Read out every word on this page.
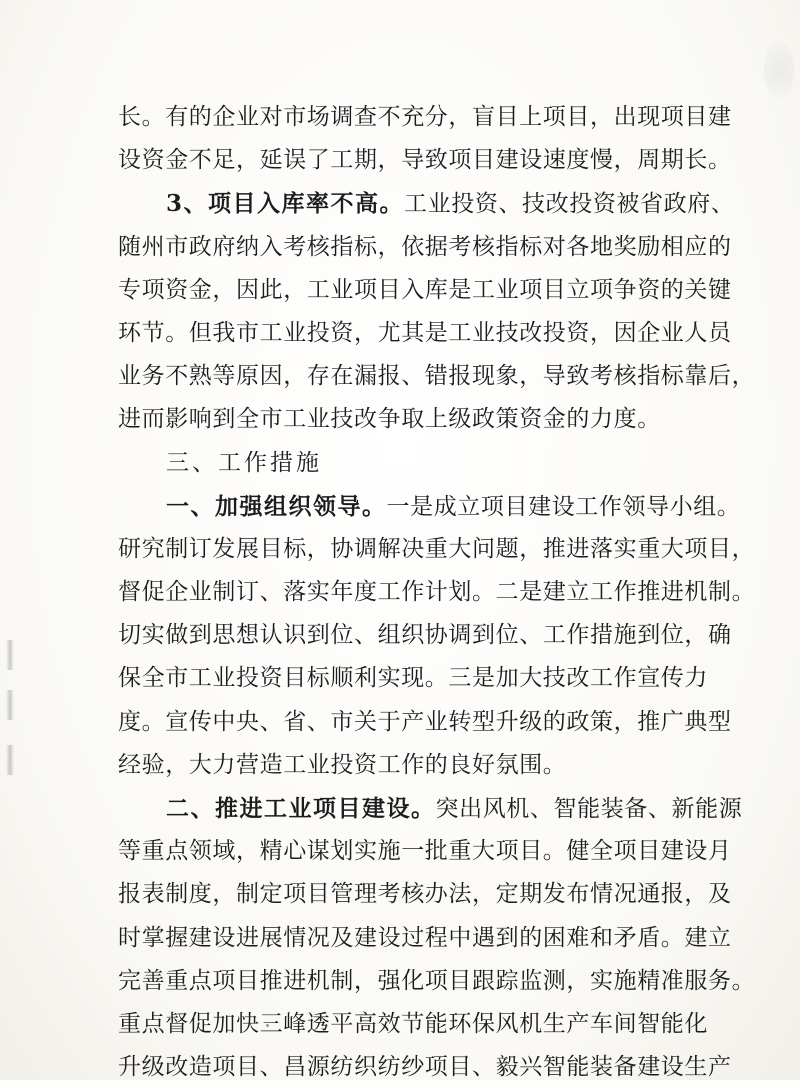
长。有的企业对市场调查不充分，盲目上项目，出现项目建
设资金不足，延误了工期，导致项目建设速度慢，周期长。
3、项目入库率不高。工业投资、技改投资被省政府、
随州市政府纳入考核指标，依据考核指标对各地奖励相应的
专项资金，因此，工业项目入库是工业项目立项争资的关键
环节。但我市工业投资，尤其是工业技改投资，因企业人员
业务不熟等原因，存在漏报、错报现象，导致考核指标靠后，
进而影响到全市工业技改争取上级政策资金的力度。
三、工作措施
一、加强组织领导。一是成立项目建设工作领导小组。
研究制订发展目标，协调解决重大问题，推进落实重大项目，
督促企业制订、落实年度工作计划。二是建立工作推进机制。
切实做到思想认识到位、组织协调到位、工作措施到位，确
保全市工业投资目标顺利实现。三是加大技改工作宣传力
度。宣传中央、省、市关于产业转型升级的政策，推广典型
经验，大力营造工业投资工作的良好氛围。
二、推进工业项目建设。突出风机、智能装备、新能源
等重点领域，精心谋划实施一批重大项目。健全项目建设月
报表制度，制定项目管理考核办法，定期发布情况通报，及
时掌握建设进展情况及建设过程中遇到的困难和矛盾。建立
完善重点项目推进机制，强化项目跟踪监测，实施精准服务。
重点督促加快三峰透平高效节能环保风机生产车间智能化
升级改造项目、昌源纺织纺纱项目、毅兴智能装备建设生产
